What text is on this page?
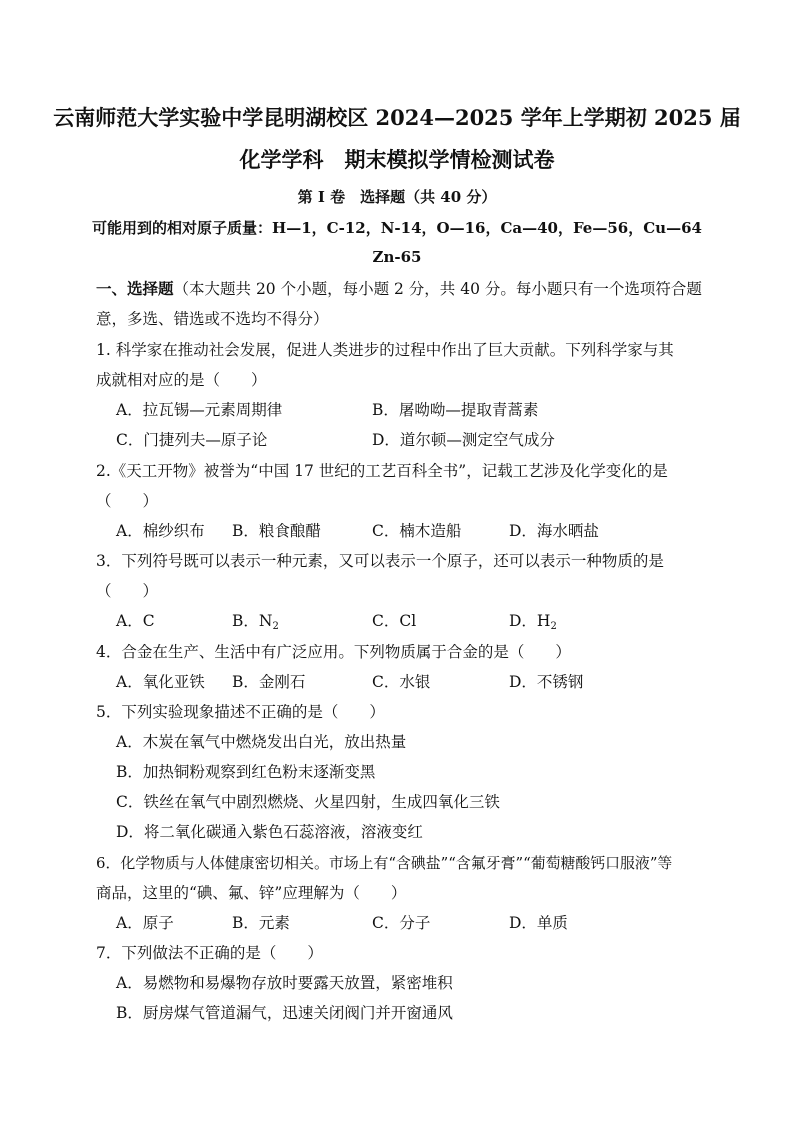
云南师范大学实验中学昆明湖校区 2024—2025 学年上学期初 2025 届
化学学科　期末模拟学情检测试卷
第 I 卷　选择题（共 40 分）
可能用到的相对原子质量：H—1，C-12，N-14，O—16，Ca—40，Fe—56，Cu—64
Zn-65
一、选择题（本大题共 20 个小题，每小题 2 分，共 40 分。每小题只有一个选项符合题
意，多选、错选或不选均不得分）
1. 科学家在推动社会发展，促进人类进步的过程中作出了巨大贡献。下列科学家与其
成就相对应的是（　　）
A．拉瓦锡—元素周期律	B．屠呦呦—提取青蒿素
C．门捷列夫—原子论	D．道尔顿—测定空气成分
2.《天工开物》被誉为“中国 17 世纪的工艺百科全书”，记载工艺涉及化学变化的是
（　　）
A．棉纱织布 B．粮食酿醋	C．楠木造船	D．海水晒盐
3．下列符号既可以表示一种元素，又可以表示一个原子，还可以表示一种物质的是
（　　）
A．C	B．$N_2$	C．Cl	D．$H_2$
4．合金在生产、生活中有广泛应用。下列物质属于合金的是（　　）
A．氧化亚铁 B．金刚石	C．水银	D．不锈钢
5．下列实验现象描述不正确的是（　　）
A．木炭在氧气中燃烧发出白光，放出热量
B．加热铜粉观察到红色粉末逐渐变黑
C．铁丝在氧气中剧烈燃烧、火星四射，生成四氧化三铁
D．将二氧化碳通入紫色石蕊溶液，溶液变红
6．化学物质与人体健康密切相关。市场上有“含碘盐”“含氟牙膏”“葡萄糖酸钙口服液”等
商品，这里的“碘、氟、锌”应理解为（　　）
A．原子	B．元素	C．分子	D．单质
7．下列做法不正确的是（　　）
A．易燃物和易爆物存放时要露天放置，紧密堆积
B．厨房煤气管道漏气，迅速关闭阀门并开窗通风
